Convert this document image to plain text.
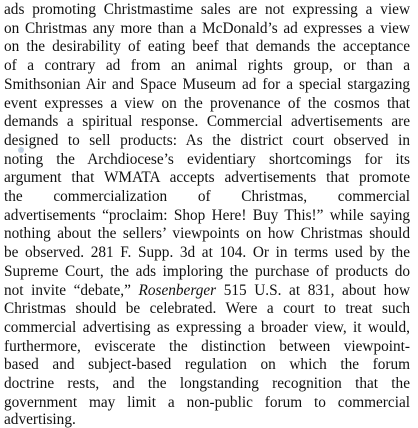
ads promoting Christmastime sales are not expressing a view
on Christmas any more than a McDonald’s ad expresses a view
on the desirability of eating beef that demands the acceptance
of a contrary ad from an animal rights group, or than a
Smithsonian Air and Space Museum ad for a special stargazing
event expresses a view on the provenance of the cosmos that
demands a spiritual response. Commercial advertisements are
designed to sell products: As the district court observed in
noting the Archdiocese’s evidentiary shortcomings for its
argument that WMATA accepts advertisements that promote
the commercialization of Christmas, commercial
advertisements “proclaim: Shop Here! Buy This!” while saying
nothing about the sellers’ viewpoints on how Christmas should
be observed. 281 F. Supp. 3d at 104. Or in terms used by the
Supreme Court, the ads imploring the purchase of products do
not invite “debate,” Rosenberger 515 U.S. at 831, about how
Christmas should be celebrated. Were a court to treat such
commercial advertising as expressing a broader view, it would,
furthermore, eviscerate the distinction between viewpoint-
based and subject-based regulation on which the forum
doctrine rests, and the longstanding recognition that the
government may limit a non-public forum to commercial
advertising.
